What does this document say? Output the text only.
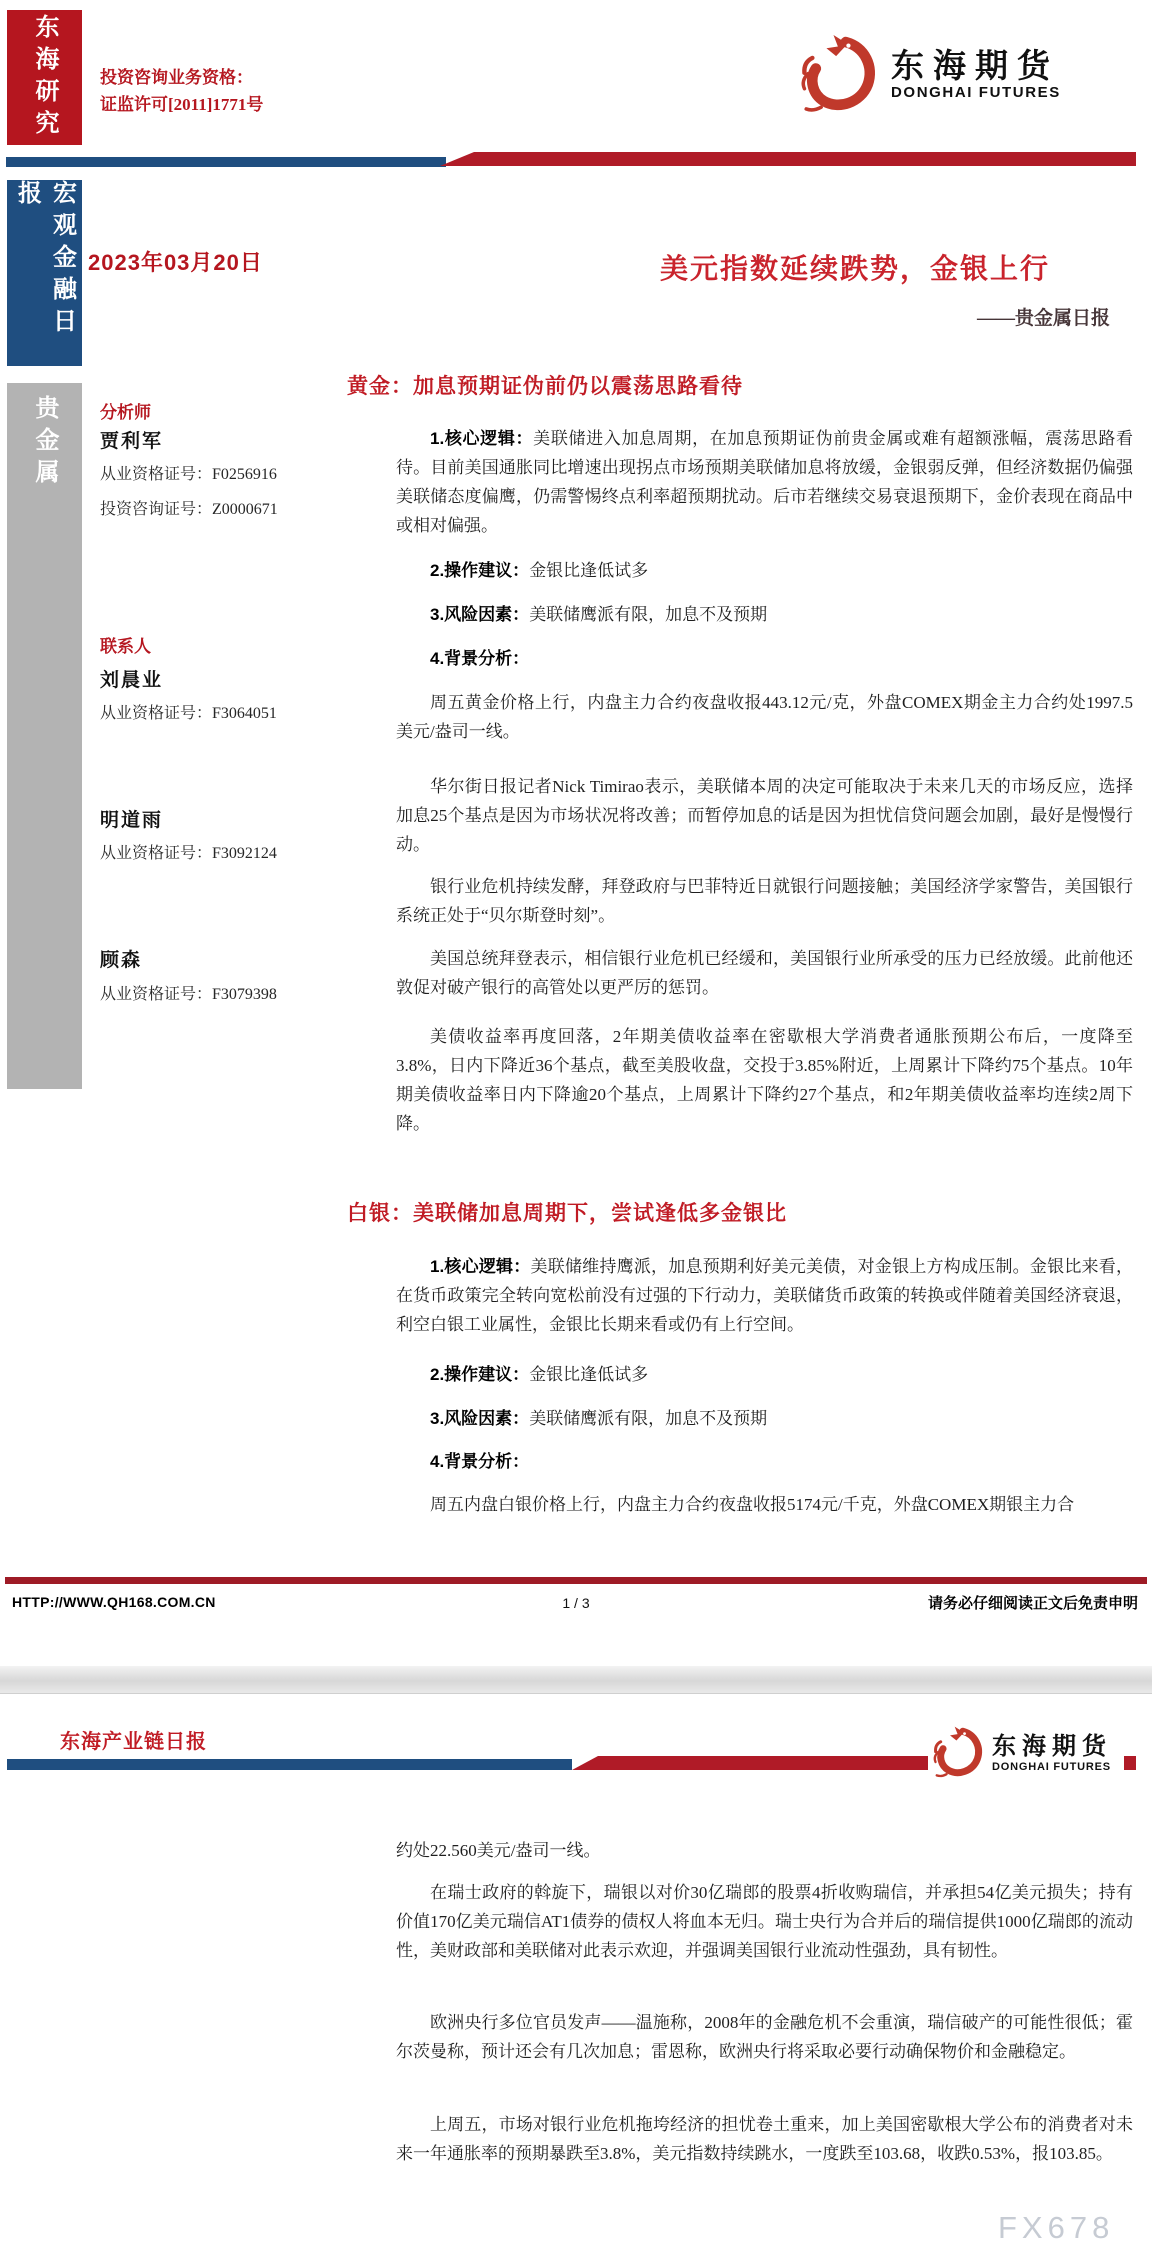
东海研究
宏观金融日报
贵金属
投资咨询业务资格：
证监许可[2011]1771号
东海期货
DONGHAI FUTURES
2023年03月20日	美元指数延续跌势，金银上行
——贵金属日报
分析师
贾利军
从业资格证号：F0256916
投资咨询证号：Z0000671
联系人
刘晨业
从业资格证号：F3064051
明道雨
从业资格证号：F3092124
顾森
从业资格证号：F3079398
黄金：加息预期证伪前仍以震荡思路看待

1.核心逻辑：美联储进入加息周期，在加息预期证伪前贵金属或难有超额涨幅，震荡思路看待。目前美国通胀同比增速出现拐点市场预期美联储加息将放缓，金银弱反弹，但经济数据仍偏强美联储态度偏鹰，仍需警惕终点利率超预期扰动。后市若继续交易衰退预期下，金价表现在商品中或相对偏强。

2.操作建议：金银比逢低试多

3.风险因素：美联储鹰派有限，加息不及预期

4.背景分析：

周五黄金价格上行，内盘主力合约夜盘收报443.12元/克，外盘COMEX期金主力合约处1997.5美元/盎司一线。

华尔街日报记者Nick Timirao表示，美联储本周的决定可能取决于未来几天的市场反应，选择加息25个基点是因为市场状况将改善；而暂停加息的话是因为担忧信贷问题会加剧，最好是慢慢行动。

银行业危机持续发酵，拜登政府与巴菲特近日就银行问题接触；美国经济学家警告，美国银行系统正处于“贝尔斯登时刻”。

美国总统拜登表示，相信银行业危机已经缓和，美国银行业所承受的压力已经放缓。此前他还敦促对破产银行的高管处以更严厉的惩罚。

美债收益率再度回落，2年期美债收益率在密歇根大学消费者通胀预期公布后，一度降至3.8%，日内下降近36个基点，截至美股收盘，交投于3.85%附近，上周累计下降约75个基点。10年期美债收益率日内下降逾20个基点，上周累计下降约27个基点，和2年期美债收益率均连续2周下降。

白银：美联储加息周期下，尝试逢低多金银比

1.核心逻辑：美联储维持鹰派，加息预期利好美元美债，对金银上方构成压制。金银比来看，在货币政策完全转向宽松前没有过强的下行动力，美联储货币政策的转换或伴随着美国经济衰退，利空白银工业属性，金银比长期来看或仍有上行空间。

2.操作建议：金银比逢低试多

3.风险因素：美联储鹰派有限，加息不及预期

4.背景分析：

周五内盘白银价格上行，内盘主力合约夜盘收报5174元/千克，外盘COMEX期银主力合

HTTP://WWW.QH168.COM.CN	1 / 3	请务必仔细阅读正文后免责申明
东海产业链日报	东海期货
DONGHAI FUTURES

约处22.560美元/盎司一线。

在瑞士政府的斡旋下，瑞银以对价30亿瑞郎的股票4折收购瑞信，并承担54亿美元损失；持有价值170亿美元瑞信AT1债券的债权人将血本无归。瑞士央行为合并后的瑞信提供1000亿瑞郎的流动性，美财政部和美联储对此表示欢迎，并强调美国银行业流动性强劲，具有韧性。

欧洲央行多位官员发声——温施称，2008年的金融危机不会重演，瑞信破产的可能性很低；霍尔茨曼称，预计还会有几次加息；雷恩称，欧洲央行将采取必要行动确保物价和金融稳定。

上周五，市场对银行业危机拖垮经济的担忧卷土重来，加上美国密歇根大学公布的消费者对未来一年通胀率的预期暴跌至3.8%，美元指数持续跳水，一度跌至103.68，收跌0.53%，报103.85。

FX678
